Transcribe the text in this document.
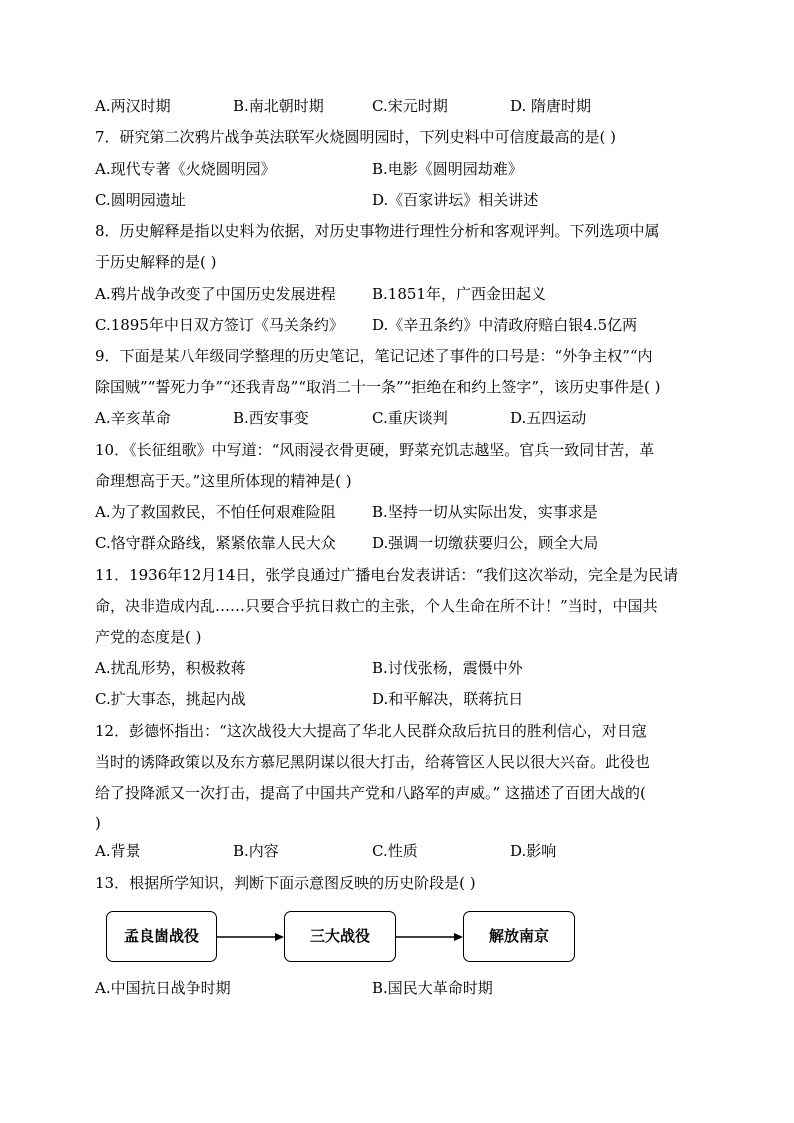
A.两汉时期	B.南北朝时期	C.宋元时期	D. 隋唐时期
7．研究第二次鸦片战争英法联军火烧圆明园时，下列史料中可信度最高的是( )
A.现代专著《火烧圆明园》	B.电影《圆明园劫难》
C.圆明园遗址	D.《百家讲坛》相关讲述
8．历史解释是指以史料为依据，对历史事物进行理性分析和客观评判。下列选项中属
于历史解释的是( )
A.鸦片战争改变了中国历史发展进程 B.1851年，广西金田起义
C.1895年中日双方签订《马关条约》 D.《辛丑条约》中清政府赔白银4.5亿两
9．下面是某八年级同学整理的历史笔记，笔记记述了事件的口号是：“外争主权”“内
除国贼”“誓死力争”“还我青岛”“取消二十一条”“拒绝在和约上签字”，该历史事件是( )
A.辛亥革命	B.西安事变	C.重庆谈判	D.五四运动
10．《长征组歌》中写道：“风雨浸衣骨更硬，野菜充饥志越坚。官兵一致同甘苦，革
命理想高于天。”这里所体现的精神是( )
A.为了救国救民，不怕任何艰难险阻 B.坚持一切从实际出发，实事求是
C.恪守群众路线，紧紧依靠人民大众 D.强调一切缴获要归公，顾全大局
11．1936年12月14日，张学良通过广播电台发表讲话：“我们这次举动，完全是为民请
命，决非造成内乱……只要合乎抗日救亡的主张，个人生命在所不计！”当时，中国共
产党的态度是( )
A.扰乱形势，积极救蒋	B.讨伐张杨，震慑中外
C.扩大事态，挑起内战	D.和平解决，联蒋抗日
12．彭德怀指出：“这次战役大大提高了华北人民群众敌后抗日的胜利信心，对日寇
当时的诱降政策以及东方慕尼黑阴谋以很大打击，给蒋管区人民以很大兴奋。此役也
给了投降派又一次打击，提高了中国共产党和八路军的声威。” 这描述了百团大战的(
)
A.背景	B.内容	C.性质	D.影响
13．根据所学知识，判断下面示意图反映的历史阶段是( )
孟良崮战役	三大战役	解放南京
A.中国抗日战争时期	B.国民大革命时期
